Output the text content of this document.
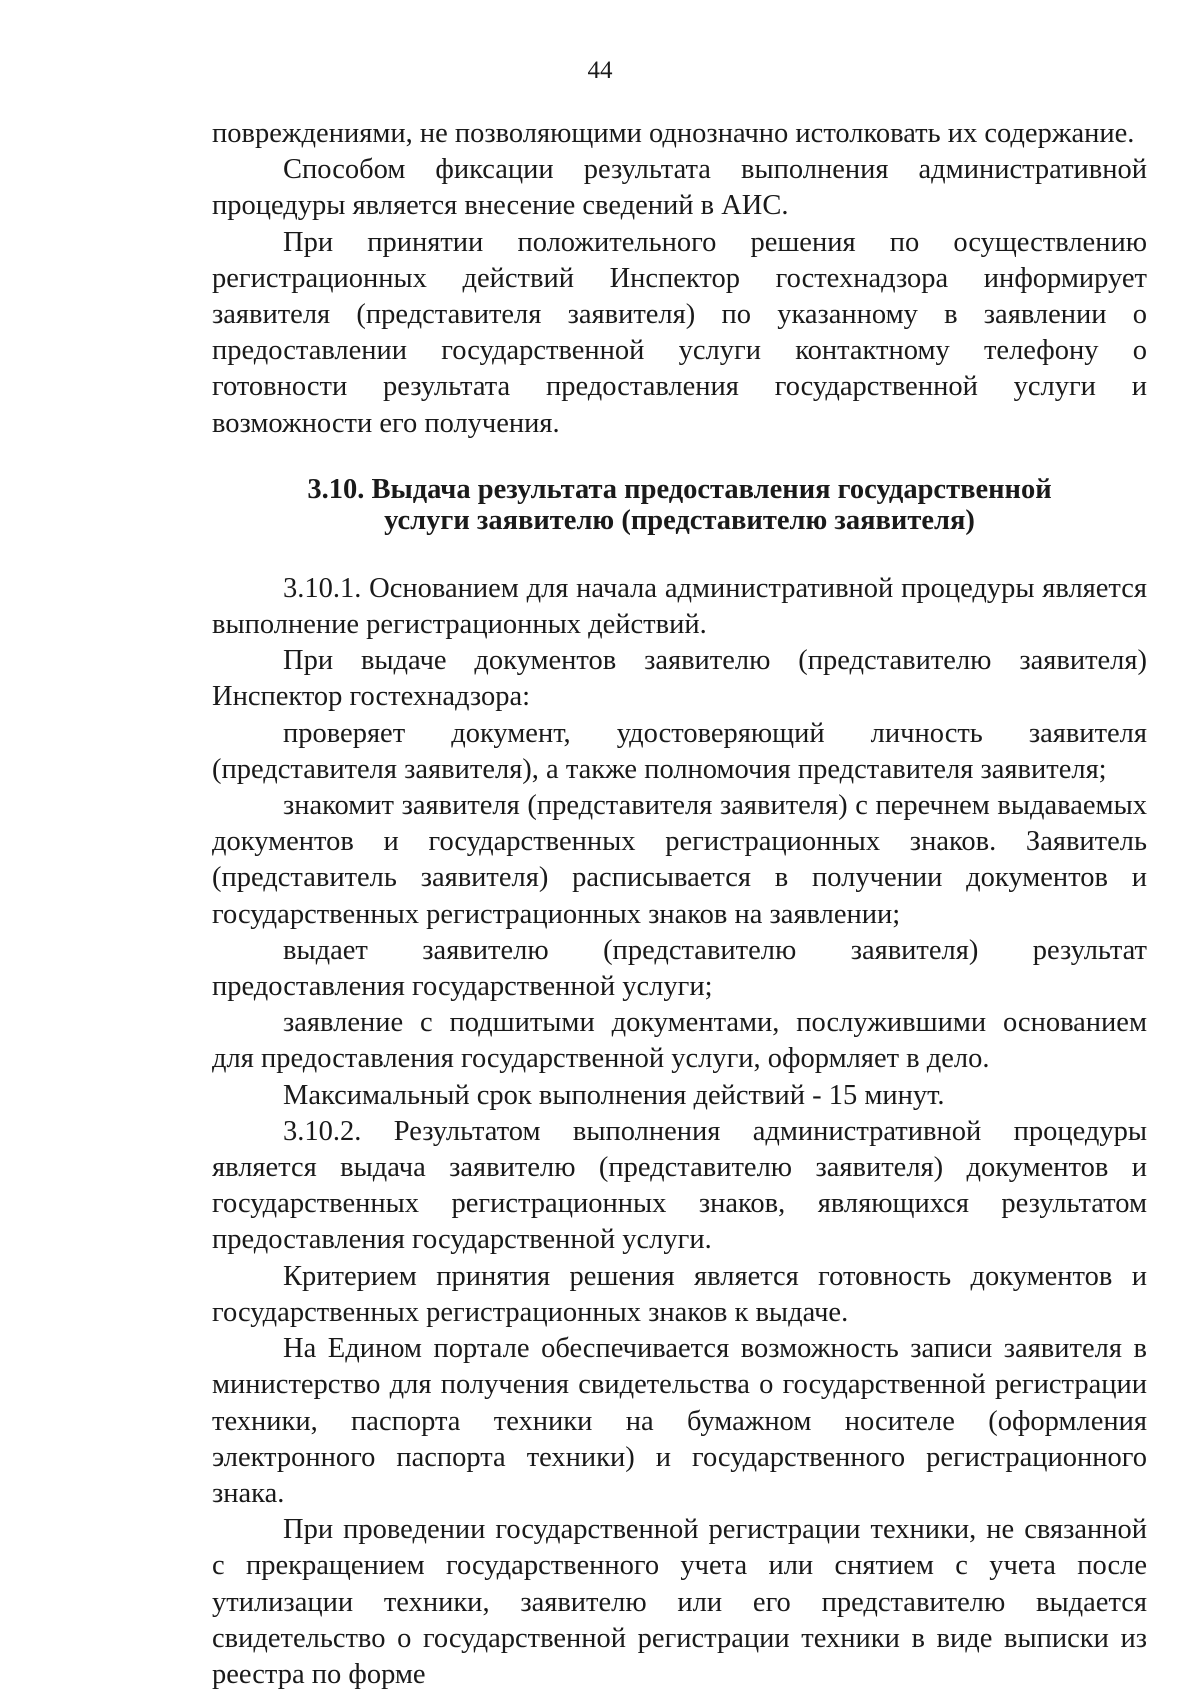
44

повреждениями, не позволяющими однозначно истолковать их содержание.

Способом фиксации результата выполнения административной процедуры является внесение сведений в АИС.

При принятии положительного решения по осуществлению регистрационных действий Инспектор гостехнадзора информирует заявителя (представителя заявителя) по указанному в заявлении о предоставлении государственной услуги контактному телефону о готовности результата предоставления государственной услуги и возможности его получения.

3.10. Выдача результата предоставления государственной
услуги заявителю (представителю заявителя)

3.10.1. Основанием для начала административной процедуры является выполнение регистрационных действий.

При выдаче документов заявителю (представителю заявителя) Инспектор гостехнадзора:

проверяет документ, удостоверяющий личность заявителя (представителя заявителя), а также полномочия представителя заявителя;

знакомит заявителя (представителя заявителя) с перечнем выдаваемых документов и государственных регистрационных знаков. Заявитель (представитель заявителя) расписывается в получении документов и государственных регистрационных знаков на заявлении;

выдает заявителю (представителю заявителя) результат предоставления государственной услуги;

заявление с подшитыми документами, послужившими основанием для предоставления государственной услуги, оформляет в дело.

Максимальный срок выполнения действий - 15 минут.

3.10.2. Результатом выполнения административной процедуры является выдача заявителю (представителю заявителя) документов и государственных регистрационных знаков, являющихся результатом предоставления государственной услуги.

Критерием принятия решения является готовность документов и государственных регистрационных знаков к выдаче.

На Едином портале обеспечивается возможность записи заявителя в министерство для получения свидетельства о государственной регистрации техники, паспорта техники на бумажном носителе (оформления электронного паспорта техники) и государственного регистрационного знака.

При проведении государственной регистрации техники, не связанной с прекращением государственного учета или снятием с учета после утилизации техники, заявителю или его представителю выдается свидетельство о государственной регистрации техники в виде выписки из реестра по форме
